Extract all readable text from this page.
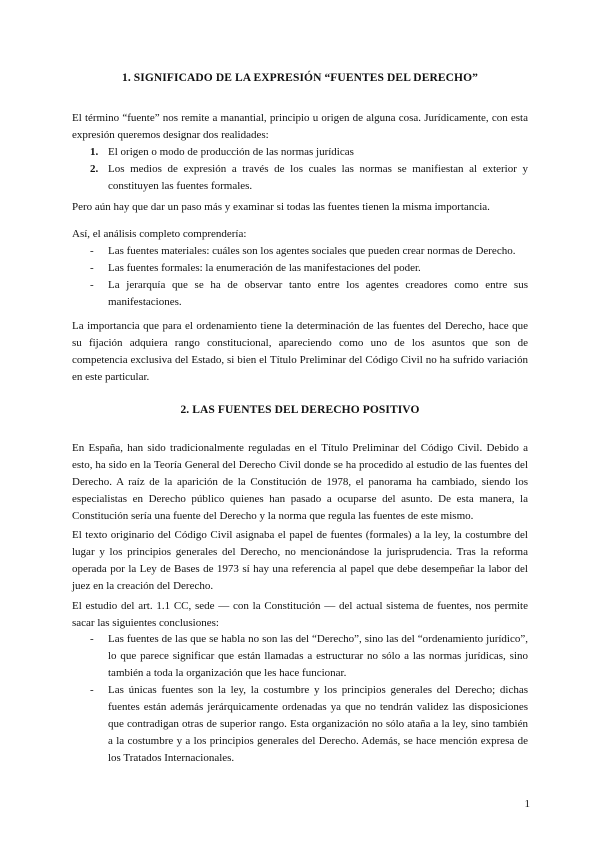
1. SIGNIFICADO DE LA EXPRESIÓN “FUENTES DEL DERECHO”

El término “fuente” nos remite a manantial, principio u origen de alguna cosa. Jurídicamente, con esta expresión queremos designar dos realidades:

1. El origen o modo de producción de las normas jurídicas
2. Los medios de expresión a través de los cuales las normas se manifiestan al exterior y constituyen las fuentes formales.

Pero aún hay que dar un paso más y examinar si todas las fuentes tienen la misma importancia.

Así, el análisis completo comprendería:

- Las fuentes materiales: cuáles son los agentes sociales que pueden crear normas de Derecho.
- Las fuentes formales: la enumeración de las manifestaciones del poder.
- La jerarquía que se ha de observar tanto entre los agentes creadores como entre sus manifestaciones.

La importancia que para el ordenamiento tiene la determinación de las fuentes del Derecho, hace que su fijación adquiera rango constitucional, apareciendo como uno de los asuntos que son de competencia exclusiva del Estado, si bien el Título Preliminar del Código Civil no ha sufrido variación en este particular.

2. LAS FUENTES DEL DERECHO POSITIVO

En España, han sido tradicionalmente reguladas en el Título Preliminar del Código Civil. Debido a esto, ha sido en la Teoría General del Derecho Civil donde se ha procedido al estudio de las fuentes del Derecho. A raíz de la aparición de la Constitución de 1978, el panorama ha cambiado, siendo los especialistas en Derecho público quienes han pasado a ocuparse del asunto. De esta manera, la Constitución sería una fuente del Derecho y la norma que regula las fuentes de este mismo.

El texto originario del Código Civil asignaba el papel de fuentes (formales) a la ley, la costumbre del lugar y los principios generales del Derecho, no mencionándose la jurisprudencia. Tras la reforma operada por la Ley de Bases de 1973 sí hay una referencia al papel que debe desempeñar la labor del juez en la creación del Derecho.

El estudio del art. 1.1 CC, sede — con la Constitución — del actual sistema de fuentes, nos permite sacar las siguientes conclusiones:

- Las fuentes de las que se habla no son las del “Derecho”, sino las del “ordenamiento jurídico”, lo que parece significar que están llamadas a estructurar no sólo a las normas jurídicas, sino también a toda la organización que les hace funcionar.
- Las únicas fuentes son la ley, la costumbre y los principios generales del Derecho; dichas fuentes están además jerárquicamente ordenadas ya que no tendrán validez las disposiciones que contradigan otras de superior rango. Esta organización no sólo ataña a la ley, sino también a la costumbre y a los principios generales del Derecho. Además, se hace mención expresa de los Tratados Internacionales.
1
